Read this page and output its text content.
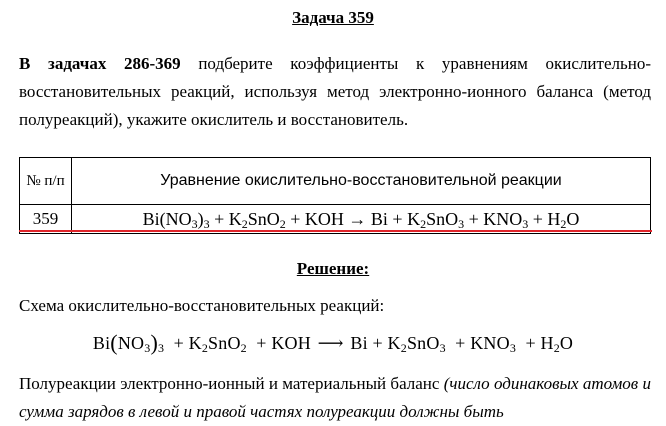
Задача 359
В задачах 286-369 подберите коэффициенты к уравнениям окислительно-восстановительных реакций, используя метод электронно-ионного баланса (метод полуреакций), укажите окислитель и восстановитель.
№ п/п	Уравнение окислительно-восстановительной реакции
359	$Bi(NO_3)_3 + K_2SnO_2$ + KOH → $Bi + K_2SnO_3 + KNO_3 + H_2O$
Решение:
Схема окислительно-восстановительных реакций:
$Bi(NO_3)_3 + K_2SnO_2$ + KOH ⟶ $Bi + K_2SnO_3 + KNO_3 + H_2O$
Полуреакции электронно-ионный и материальный баланс (число одинаковых атомов и сумма зарядов в левой и правой частях полуреакции должны быть
